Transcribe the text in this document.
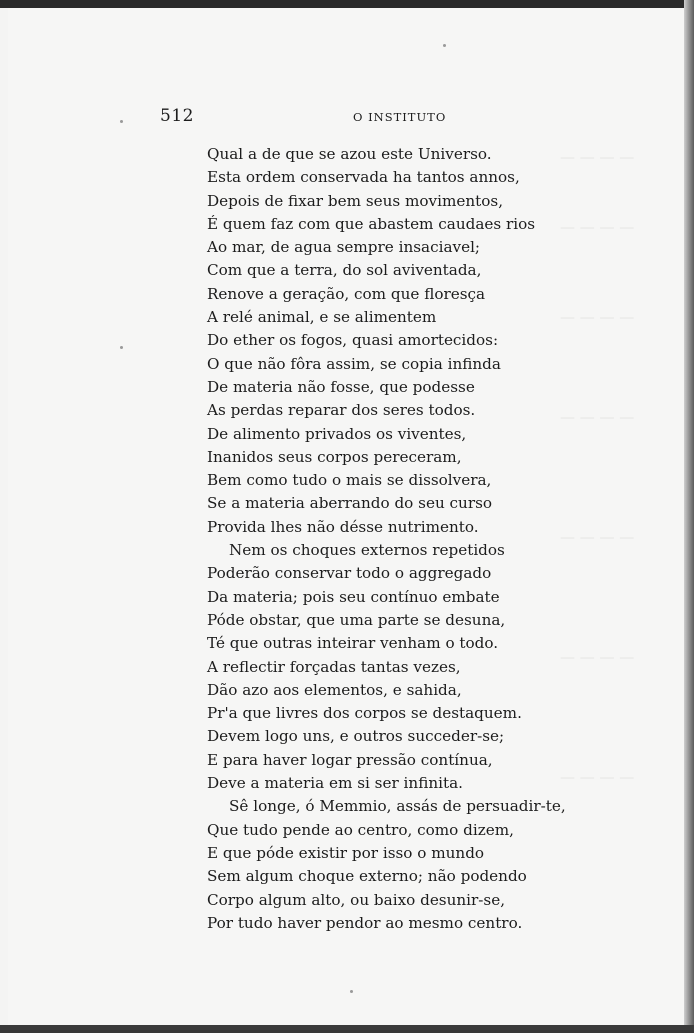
— — — —
— — — —
— — — —
— — — —
— — — —
— — — —
— — — —
512	O INSTITUTO
Qual a de que se azou este Universo.
Esta ordem conservada ha tantos annos,
Depois de fixar bem seus movimentos,
É quem faz com que abastem caudaes rios
Ao mar, de agua sempre insaciavel;
Com que a terra, do sol aviventada,
Renove a geração, com que floresça
A relé animal, e se alimentem
Do ether os fogos, quasi amortecidos:
O que não fôra assim, se copia infinda
De materia não fosse, que podesse
As perdas reparar dos seres todos.
De alimento privados os viventes,
Inanidos seus corpos pereceram,
Bem como tudo o mais se dissolvera,
Se a materia aberrando do seu curso
Provida lhes não désse nutrimento.
Nem os choques externos repetidos
Poderão conservar todo o aggregado
Da materia; pois seu contínuo embate
Póde obstar, que uma parte se desuna,
Té que outras inteirar venham o todo.
A reflectir forçadas tantas vezes,
Dão azo aos elementos, e sahida,
Pr'a que livres dos corpos se destaquem.
Devem logo uns, e outros succeder-se;
E para haver logar pressão contínua,
Deve a materia em si ser infinita.
Sê longe, ó Memmio, assás de persuadir-te,
Que tudo pende ao centro, como dizem,
E que póde existir por isso o mundo
Sem algum choque externo; não podendo
Corpo algum alto, ou baixo desunir-se,
Por tudo haver pendor ao mesmo centro.
